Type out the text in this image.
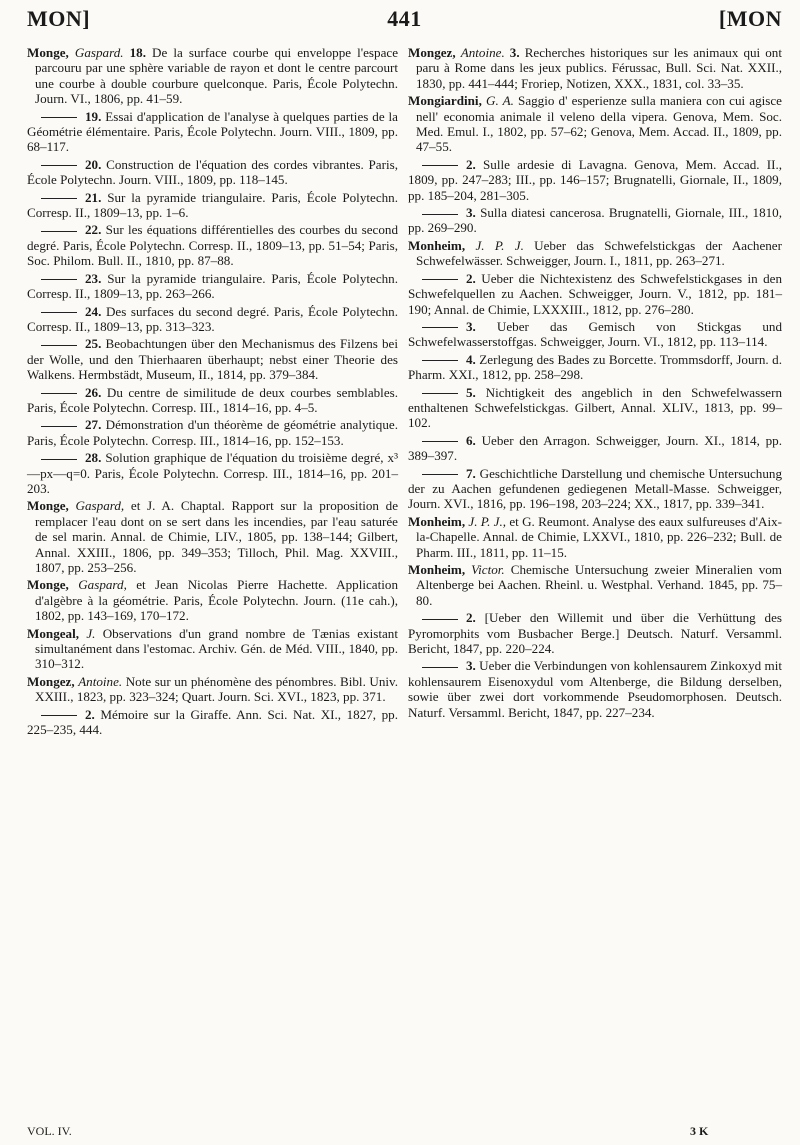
MON]	441	[MON

Monge, Gaspard. 18. De la surface courbe qui enveloppe l'espace parcouru par une sphère variable de rayon et dont le centre parcourt une courbe à double courbure quelconque. Paris, École Polytechn. Journ. VI., 1806, pp. 41–59.

19. Essai d'application de l'analyse à quelques parties de la Géométrie élémentaire. Paris, École Polytechn. Journ. VIII., 1809, pp. 68–117.

20. Construction de l'équation des cordes vibrantes. Paris, École Polytechn. Journ. VIII., 1809, pp. 118–145.

21. Sur la pyramide triangulaire. Paris, École Polytechn. Corresp. II., 1809–13, pp. 1–6.

22. Sur les équations différentielles des courbes du second degré. Paris, École Polytechn. Corresp. II., 1809–13, pp. 51–54; Paris, Soc. Philom. Bull. II., 1810, pp. 87–88.

23. Sur la pyramide triangulaire. Paris, École Polytechn. Corresp. II., 1809–13, pp. 263–266.

24. Des surfaces du second degré. Paris, École Polytechn. Corresp. II., 1809–13, pp. 313–323.

25. Beobachtungen über den Mechanismus des Filzens bei der Wolle, und den Thierhaaren überhaupt; nebst einer Theorie des Walkens. Hermbstädt, Museum, II., 1814, pp. 379–384.

26. Du centre de similitude de deux courbes semblables. Paris, École Polytechn. Corresp. III., 1814–16, pp. 4–5.

27. Démonstration d'un théorème de géométrie analytique. Paris, École Polytechn. Corresp. III., 1814–16, pp. 152–153.

28. Solution graphique de l'équation du troisième degré, x³—px—q=0. Paris, École Polytechn. Corresp. III., 1814–16, pp. 201–203.

Monge, Gaspard, et J. A. Chaptal. Rapport sur la proposition de remplacer l'eau dont on se sert dans les incendies, par l'eau saturée de sel marin. Annal. de Chimie, LIV., 1805, pp. 138–144; Gilbert, Annal. XXIII., 1806, pp. 349–353; Tilloch, Phil. Mag. XXVIII., 1807, pp. 253–256.

Monge, Gaspard, et Jean Nicolas Pierre Hachette. Application d'algèbre à la géométrie. Paris, École Polytechn. Journ. (11e cah.), 1802, pp. 143–169, 170–172.

Mongeal, J. Observations d'un grand nombre de Tænias existant simultanément dans l'estomac. Archiv. Gén. de Méd. VIII., 1840, pp. 310–312.

Mongez, Antoine. Note sur un phénomène des pénombres. Bibl. Univ. XXIII., 1823, pp. 323–324; Quart. Journ. Sci. XVI., 1823, pp. 371.

2. Mémoire sur la Giraffe. Ann. Sci. Nat. XI., 1827, pp. 225–235, 444.

Mongez, Antoine. 3. Recherches historiques sur les animaux qui ont paru à Rome dans les jeux publics. Férussac, Bull. Sci. Nat. XXII., 1830, pp. 441–444; Froriep, Notizen, XXX., 1831, col. 33–35.

Mongiardini, G. A. Saggio d' esperienze sulla maniera con cui agisce nell' economia animale il veleno della vipera. Genova, Mem. Soc. Med. Emul. I., 1802, pp. 57–62; Genova, Mem. Accad. II., 1809, pp. 47–55.

2. Sulle ardesie di Lavagna. Genova, Mem. Accad. II., 1809, pp. 247–283; III., pp. 146–157; Brugnatelli, Giornale, II., 1809, pp. 185–204, 281–305.

3. Sulla diatesi cancerosa. Brugnatelli, Giornale, III., 1810, pp. 269–290.

Monheim, J. P. J. Ueber das Schwefelstickgas der Aachener Schwefelwässer. Schweigger, Journ. I., 1811, pp. 263–271.

2. Ueber die Nichtexistenz des Schwefelstickgases in den Schwefelquellen zu Aachen. Schweigger, Journ. V., 1812, pp. 181–190; Annal. de Chimie, LXXXIII., 1812, pp. 276–280.

3. Ueber das Gemisch von Stickgas und Schwefelwasserstoffgas. Schweigger, Journ. VI., 1812, pp. 113–114.

4. Zerlegung des Bades zu Borcette. Trommsdorff, Journ. d. Pharm. XXI., 1812, pp. 258–298.

5. Nichtigkeit des angeblich in den Schwefelwassern enthaltenen Schwefelstickgas. Gilbert, Annal. XLIV., 1813, pp. 99–102.

6. Ueber den Arragon. Schweigger, Journ. XI., 1814, pp. 389–397.

7. Geschichtliche Darstellung und chemische Untersuchung der zu Aachen gefundenen gediegenen Metall-Masse. Schweigger, Journ. XVI., 1816, pp. 196–198, 203–224; XX., 1817, pp. 339–341.

Monheim, J. P. J., et G. Reumont. Analyse des eaux sulfureuses d'Aix-la-Chapelle. Annal. de Chimie, LXXVI., 1810, pp. 226–232; Bull. de Pharm. III., 1811, pp. 11–15.

Monheim, Victor. Chemische Untersuchung zweier Mineralien vom Altenberge bei Aachen. Rheinl. u. Westphal. Verhand. 1845, pp. 75–80.

2. [Ueber den Willemit und über die Verhüttung des Pyromorphits vom Busbacher Berge.] Deutsch. Naturf. Versamml. Bericht, 1847, pp. 220–224.

3. Ueber die Verbindungen von kohlensaurem Zinkoxyd mit kohlensaurem Eisenoxydul vom Altenberge, die Bildung derselben, sowie über zwei dort vorkommende Pseudomorphosen. Deutsch. Naturf. Versamml. Bericht, 1847, pp. 227–234.

VOL. IV.	3 K
